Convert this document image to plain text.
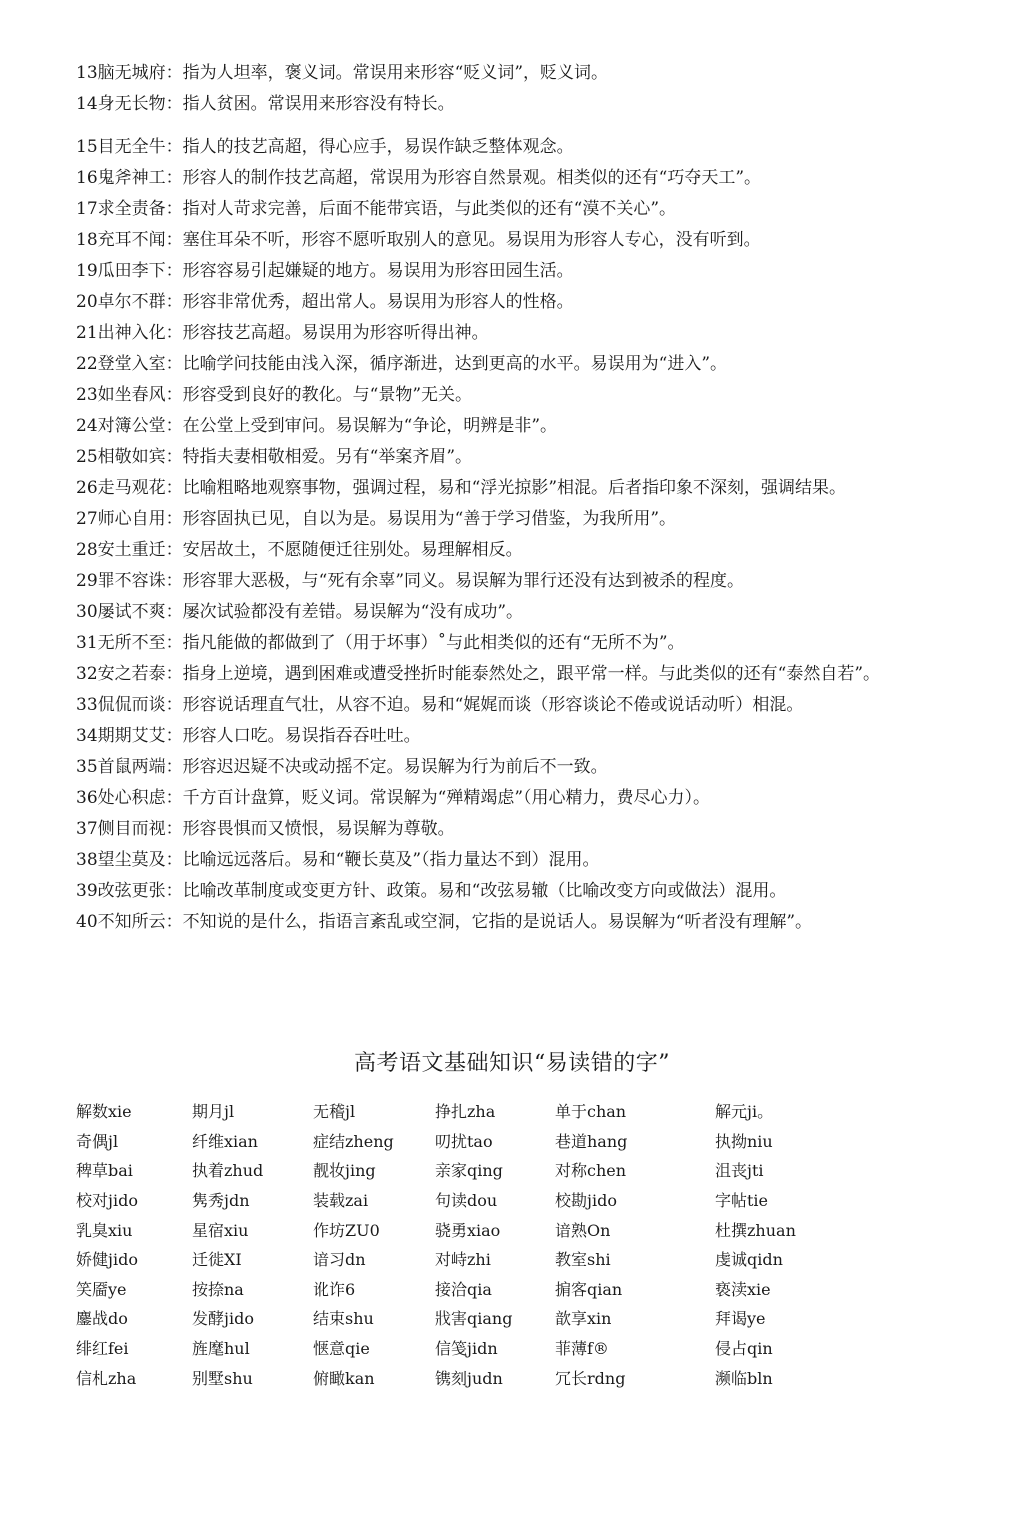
13脑无城府：指为人坦率，褒义词。常误用来形容“贬义词”，贬义词。
14身无长物：指人贫困。常误用来形容没有特长。
15目无全牛：指人的技艺高超，得心应手，易误作缺乏整体观念。
16鬼斧神工：形容人的制作技艺高超，常误用为形容自然景观。相类似的还有“巧夺天工”。
17求全责备：指对人苛求完善，后面不能带宾语，与此类似的还有“漠不关心”。
18充耳不闻：塞住耳朵不听，形容不愿听取别人的意见。易误用为形容人专心，没有听到。
19瓜田李下：形容容易引起嫌疑的地方。易误用为形容田园生活。
20卓尔不群：形容非常优秀，超出常人。易误用为形容人的性格。
21出神入化：形容技艺高超。易误用为形容听得出神。
22登堂入室：比喻学问技能由浅入深，循序渐进，达到更高的水平。易误用为“进入”。
23如坐春风：形容受到良好的教化。与“景物”无关。
24对簿公堂：在公堂上受到审问。易误解为“争论，明辨是非”。
25相敬如宾：特指夫妻相敬相爱。另有“举案齐眉”。
26走马观花：比喻粗略地观察事物，强调过程，易和“浮光掠影”相混。后者指印象不深刻，强调结果。
27师心自用：形容固执已见，自以为是。易误用为“善于学习借鉴，为我所用”。
28安土重迁：安居故土，不愿随便迁往别处。易理解相反。
29罪不容诛：形容罪大恶极，与“死有余辜”同义。易误解为罪行还没有达到被杀的程度。
30屡试不爽：屡次试验都没有差错。易误解为“没有成功”。
31无所不至：指凡能做的都做到了（用于坏事）˚与此相类似的还有“无所不为”。
32安之若泰：指身上逆境，遇到困难或遭受挫折时能泰然处之，跟平常一样。与此类似的还有“泰然自若”。
33侃侃而谈：形容说话理直气壮，从容不迫。易和“娓娓而谈（形容谈论不倦或说话动听）相混。
34期期艾艾：形容人口吃。易误指吞吞吐吐。
35首鼠两端：形容迟迟疑不决或动摇不定。易误解为行为前后不一致。
36处心积虑：千方百计盘算，贬义词。常误解为“殚精竭虑”（用心精力，费尽心力）。
37侧目而视：形容畏惧而又愤恨，易误解为尊敬。
38望尘莫及：比喻远远落后。易和“鞭长莫及”（指力量达不到）混用。
39改弦更张：比喻改革制度或变更方针、政策。易和“改弦易辙（比喻改变方向或做法）混用。
40不知所云：不知说的是什么，指语言紊乱或空洞，它指的是说话人。易误解为“听者没有理解”。
高考语文基础知识“易读错的字”
解数xie	期月jl	无稽jl	挣扎zha	单于chan	解元ji。
奇偶jl	纤维xian	症结zheng	叨扰tao	巷道hang	执拗niu
稗草bai	执着zhud	靓妆jing	亲家qing	对称chen	沮丧jti
校对jido	隽秀jdn	装载zai	句读dou	校勘jido	字帖tie
乳臭xiu	星宿xiu	作坊ZU0	骁勇xiao	谙熟On	杜撰zhuan
娇健jido	迁徙XI	谙习dn	对峙zhi	教室shi	虔诚qidn
笑靥ye	按捺na	讹诈6	接洽qia	掮客qian	亵渎xie
鏖战do	发酵jido	结束shu	戕害qiang	歆享xin	拜谒ye
绯红fei	旌麾hul	惬意qie	信笺jidn	菲薄f®	侵占qin
信札zha	别墅shu	俯瞰kan	镌刻judn	冗长rdng	濒临bln
